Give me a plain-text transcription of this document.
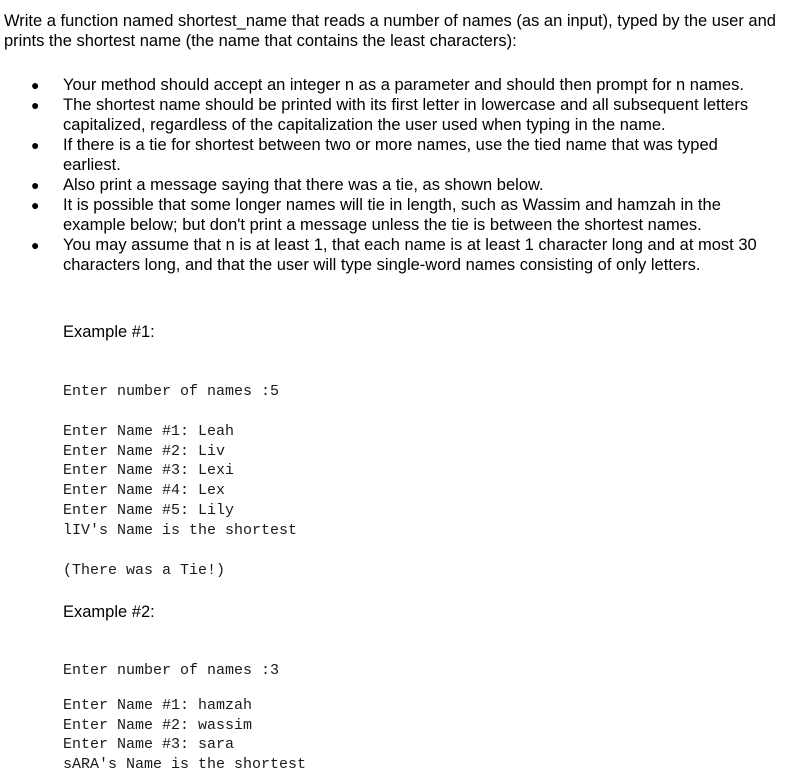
Write a function named shortest_name that reads a number of names (as an input), typed by the user and prints the shortest name (the name that contains the least characters):

● Your method should accept an integer n as a parameter and should then prompt for n names.
● The shortest name should be printed with its first letter in lowercase and all subsequent letters capitalized, regardless of the capitalization the user used when typing in the name.
● If there is a tie for shortest between two or more names, use the tied name that was typed earliest.
● Also print a message saying that there was a tie, as shown below.
● It is possible that some longer names will tie in length, such as Wassim and hamzah in the example below; but don't print a message unless the tie is between the shortest names.
● You may assume that n is at least 1, that each name is at least 1 character long and at most 30 characters long, and that the user will type single-word names consisting of only letters.
Example #1:
Enter number of names :5
Enter Name #1: Leah
Enter Name #2: Liv
Enter Name #3: Lexi
Enter Name #4: Lex
Enter Name #5: Lily
lIV's Name is the shortest
(There was a Tie!)
Example #2:
Enter number of names :3
Enter Name #1: hamzah
Enter Name #2: wassim
Enter Name #3: sara
sARA's Name is the shortest
